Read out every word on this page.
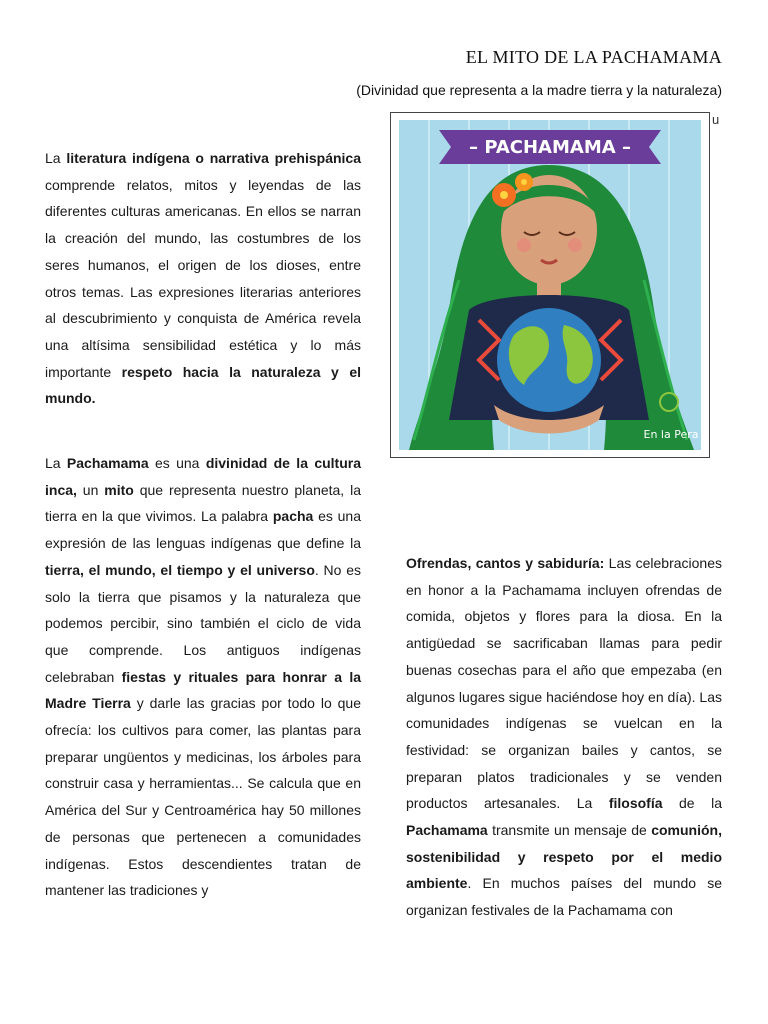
EL MITO DE LA PACHAMAMA
(Divinidad que representa a la madre tierra y la naturaleza)
u
– PACHAMAMA –
En la Pera

La literatura indígena o narrativa prehispánica comprende relatos, mitos y leyendas de las diferentes culturas americanas. En ellos se narran la creación del mundo, las costumbres de los seres humanos, el origen de los dioses, entre otros temas. Las expresiones literarias anteriores al descubrimiento y conquista de América revela una altísima sensibilidad estética y lo más importante respeto hacia la naturaleza y el mundo.

La Pachamama es una divinidad de la cultura inca, un mito que representa nuestro planeta, la tierra en la que vivimos. La palabra pacha es una expresión de las lenguas indígenas que define la tierra, el mundo, el tiempo y el universo. No es solo la tierra que pisamos y la naturaleza que podemos percibir, sino también el ciclo de vida que comprende. Los antiguos indígenas celebraban fiestas y rituales para honrar a la Madre Tierra y darle las gracias por todo lo que ofrecía: los cultivos para comer, las plantas para preparar ungüentos y medicinas, los árboles para construir casa y herramientas... Se calcula que en América del Sur y Centroamérica hay 50 millones de personas que pertenecen a comunidades indígenas. Estos descendientes tratan de mantener las tradiciones y

Ofrendas, cantos y sabiduría: Las celebraciones en honor a la Pachamama incluyen ofrendas de comida, objetos y flores para la diosa. En la antigüedad se sacrificaban llamas para pedir buenas cosechas para el año que empezaba (en algunos lugares sigue haciéndose hoy en día). Las comunidades indígenas se vuelcan en la festividad: se organizan bailes y cantos, se preparan platos tradicionales y se venden productos artesanales. La filosofía de la Pachamama transmite un mensaje de comunión, sostenibilidad y respeto por el medio ambiente. En muchos países del mundo se organizan festivales de la Pachamama con
